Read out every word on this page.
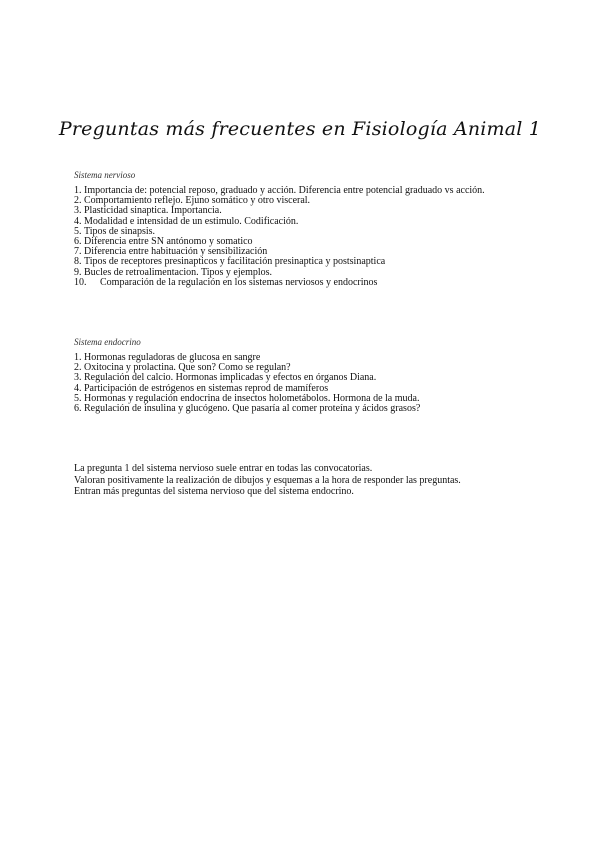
Preguntas más frecuentes en Fisiología Animal 1
Sistema nervioso
1. Importancia de: potencial reposo, graduado y acción. Diferencia entre potencial graduado vs acción.
2. Comportamiento reflejo. Ejuno somático y otro visceral.
3. Plasticidad sinaptica. Importancia.
4. Modalidad e intensidad de un estimulo. Codificación.
5. Tipos de sinapsis.
6. Diferencia entre SN antónomo y somatico
7. Diferencia entre habituación y sensibilización
8. Tipos de receptores presinapticos y facilitación presinaptica y postsinaptica
9. Bucles de retroalimentacion. Tipos y ejemplos.
10. Comparación de la regulación en los sistemas nerviosos y endocrinos
Sistema endocrino
1. Hormonas reguladoras de glucosa en sangre
2. Oxitocina y prolactina. Que son? Como se regulan?
3. Regulación del calcio. Hormonas implicadas y efectos en órganos Diana.
4. Participación de estrógenos en sistemas reprod de mamíferos
5. Hormonas y regulación endocrina de insectos holometábolos. Hormona de la muda.
6. Regulación de insulina y glucógeno. Que pasaría al comer proteína y ácidos grasos?

La pregunta 1 del sistema nervioso suele entrar en todas las convocatorias.

Valoran positivamente la realización de dibujos y esquemas a la hora de responder las preguntas.

Entran más preguntas del sistema nervioso que del sistema endocrino.
